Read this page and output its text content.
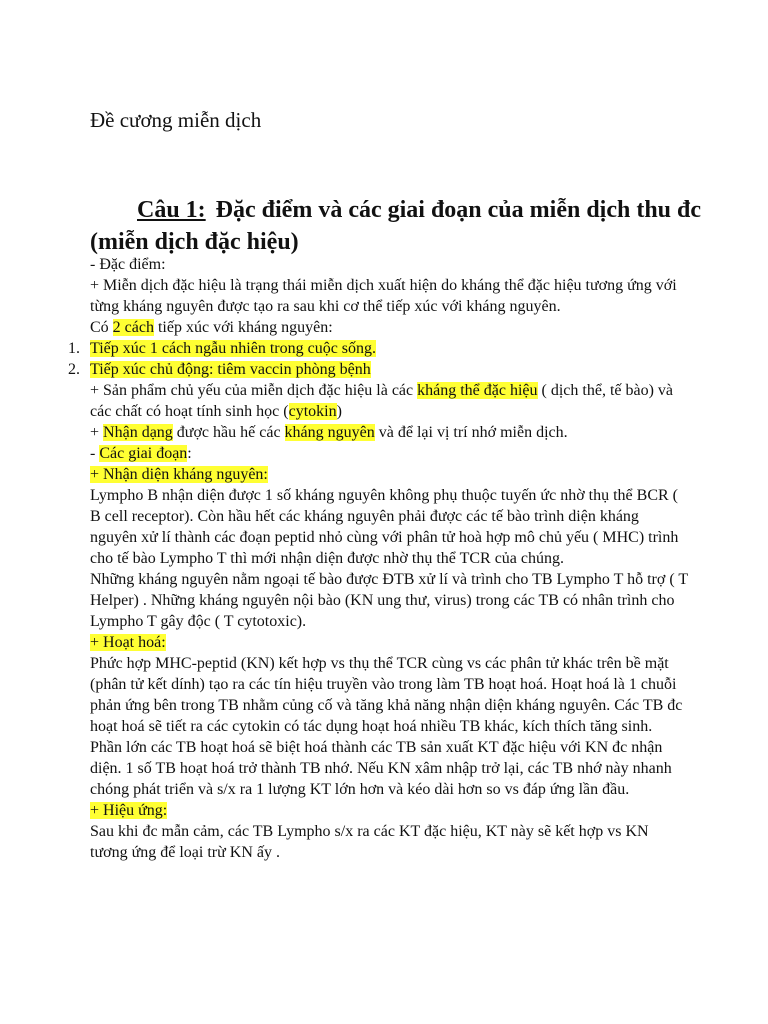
Đề cương miễn dịch
Câu 1: Đặc điểm và các giai đoạn của miễn dịch thu đc (miễn dịch đặc hiệu)

- Đặc điểm:

+ Miễn dịch đặc hiệu là trạng thái miễn dịch xuất hiện do kháng thể đặc hiệu tương ứng với từng kháng nguyên được tạo ra sau khi cơ thể tiếp xúc với kháng nguyên.

Có 2 cách tiếp xúc với kháng nguyên:

1. Tiếp xúc 1 cách ngẫu nhiên trong cuộc sống.

2. Tiếp xúc chủ động: tiêm vaccin phòng bệnh

+ Sản phẩm chủ yếu của miễn dịch đặc hiệu là các kháng thể đặc hiệu ( dịch thể, tế bào) và các chất có hoạt tính sinh học (cytokin)

+ Nhận dạng được hầu hế các kháng nguyên và để lại vị trí nhớ miễn dịch.

- Các giai đoạn:

+ Nhận diện kháng nguyên:

Lympho B nhận diện được 1 số kháng nguyên không phụ thuộc tuyến ức nhờ thụ thể BCR ( B cell receptor). Còn hầu hết các kháng nguyên phải được các tế bào trình diện kháng nguyên xử lí thành các đoạn peptid nhỏ cùng với phân tử hoà hợp mô chủ yếu ( MHC) trình cho tế bào Lympho T thì mới nhận diện được nhờ thụ thể TCR của chúng.

Những kháng nguyên nằm ngoại tế bào được ĐTB xử lí và trình cho TB Lympho T hỗ trợ ( T Helper) . Những kháng nguyên nội bào (KN ung thư, virus) trong các TB có nhân trình cho Lympho T gây độc ( T cytotoxic).

+ Hoạt hoá:

Phức hợp MHC-peptid (KN) kết hợp vs thụ thể TCR cùng vs các phân tử khác trên bề mặt (phân tử kết dính) tạo ra các tín hiệu truyền vào trong làm TB hoạt hoá. Hoạt hoá là 1 chuỗi phản ứng bên trong TB nhằm củng cố và tăng khả năng nhận diện kháng nguyên. Các TB đc hoạt hoá sẽ tiết ra các cytokin có tác dụng hoạt hoá nhiều TB khác, kích thích tăng sinh.

Phần lớn các TB hoạt hoá sẽ biệt hoá thành các TB sản xuất KT đặc hiệu với KN đc nhận diện. 1 số TB hoạt hoá trở thành TB nhớ. Nếu KN xâm nhập trở lại, các TB nhớ này nhanh chóng phát triển và s/x ra 1 lượng KT lớn hơn và kéo dài hơn so vs đáp ứng lần đầu.

+ Hiệu ứng:

Sau khi đc mẫn cảm, các TB Lympho s/x ra các KT đặc hiệu, KT này sẽ kết hợp vs KN tương ứng để loại trừ KN ấy .
